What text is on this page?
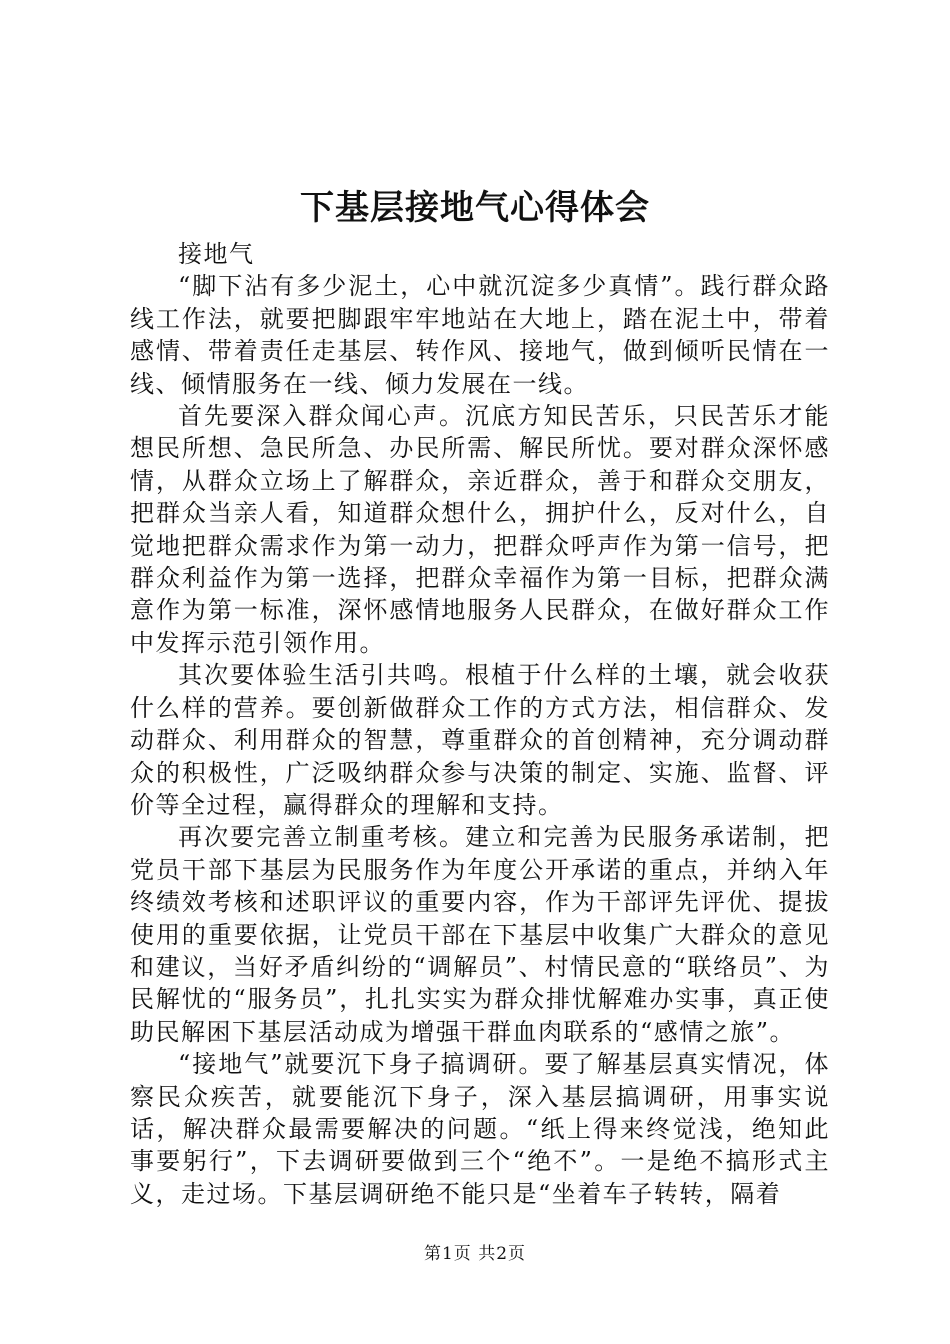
下基层接地气心得体会

接地气

“脚下沾有多少泥土，心中就沉淀多少真情”。践行群众路线工作法，就要把脚跟牢牢地站在大地上，踏在泥土中，带着感情、带着责任走基层、转作风、接地气，做到倾听民情在一线、倾情服务在一线、倾力发展在一线。

首先要深入群众闻心声。沉底方知民苦乐，只民苦乐才能想民所想、急民所急、办民所需、解民所忧。要对群众深怀感情，从群众立场上了解群众，亲近群众，善于和群众交朋友，把群众当亲人看，知道群众想什么，拥护什么，反对什么，自觉地把群众需求作为第一动力，把群众呼声作为第一信号，把群众利益作为第一选择，把群众幸福作为第一目标，把群众满意作为第一标准，深怀感情地服务人民群众，在做好群众工作中发挥示范引领作用。

其次要体验生活引共鸣。根植于什么样的土壤，就会收获什么样的营养。要创新做群众工作的方式方法，相信群众、发动群众、利用群众的智慧，尊重群众的首创精神，充分调动群众的积极性，广泛吸纳群众参与决策的制定、实施、监督、评价等全过程，赢得群众的理解和支持。

再次要完善立制重考核。建立和完善为民服务承诺制，把党员干部下基层为民服务作为年度公开承诺的重点，并纳入年终绩效考核和述职评议的重要内容，作为干部评先评优、提拔使用的重要依据，让党员干部在下基层中收集广大群众的意见和建议，当好矛盾纠纷的“调解员”、村情民意的“联络员”、为民解忧的“服务员”，扎扎实实为群众排忧解难办实事，真正使助民解困下基层活动成为增强干群血肉联系的“感情之旅”。

“接地气”就要沉下身子搞调研。要了解基层真实情况，体察民众疾苦，就要能沉下身子，深入基层搞调研，用事实说话，解决群众最需要解决的问题。“纸上得来终觉浅，绝知此事要躬行”，下去调研要做到三个“绝不”。一是绝不搞形式主义，走过场。下基层调研绝不能只是“坐着车子转转，隔着

第1页 共2页
